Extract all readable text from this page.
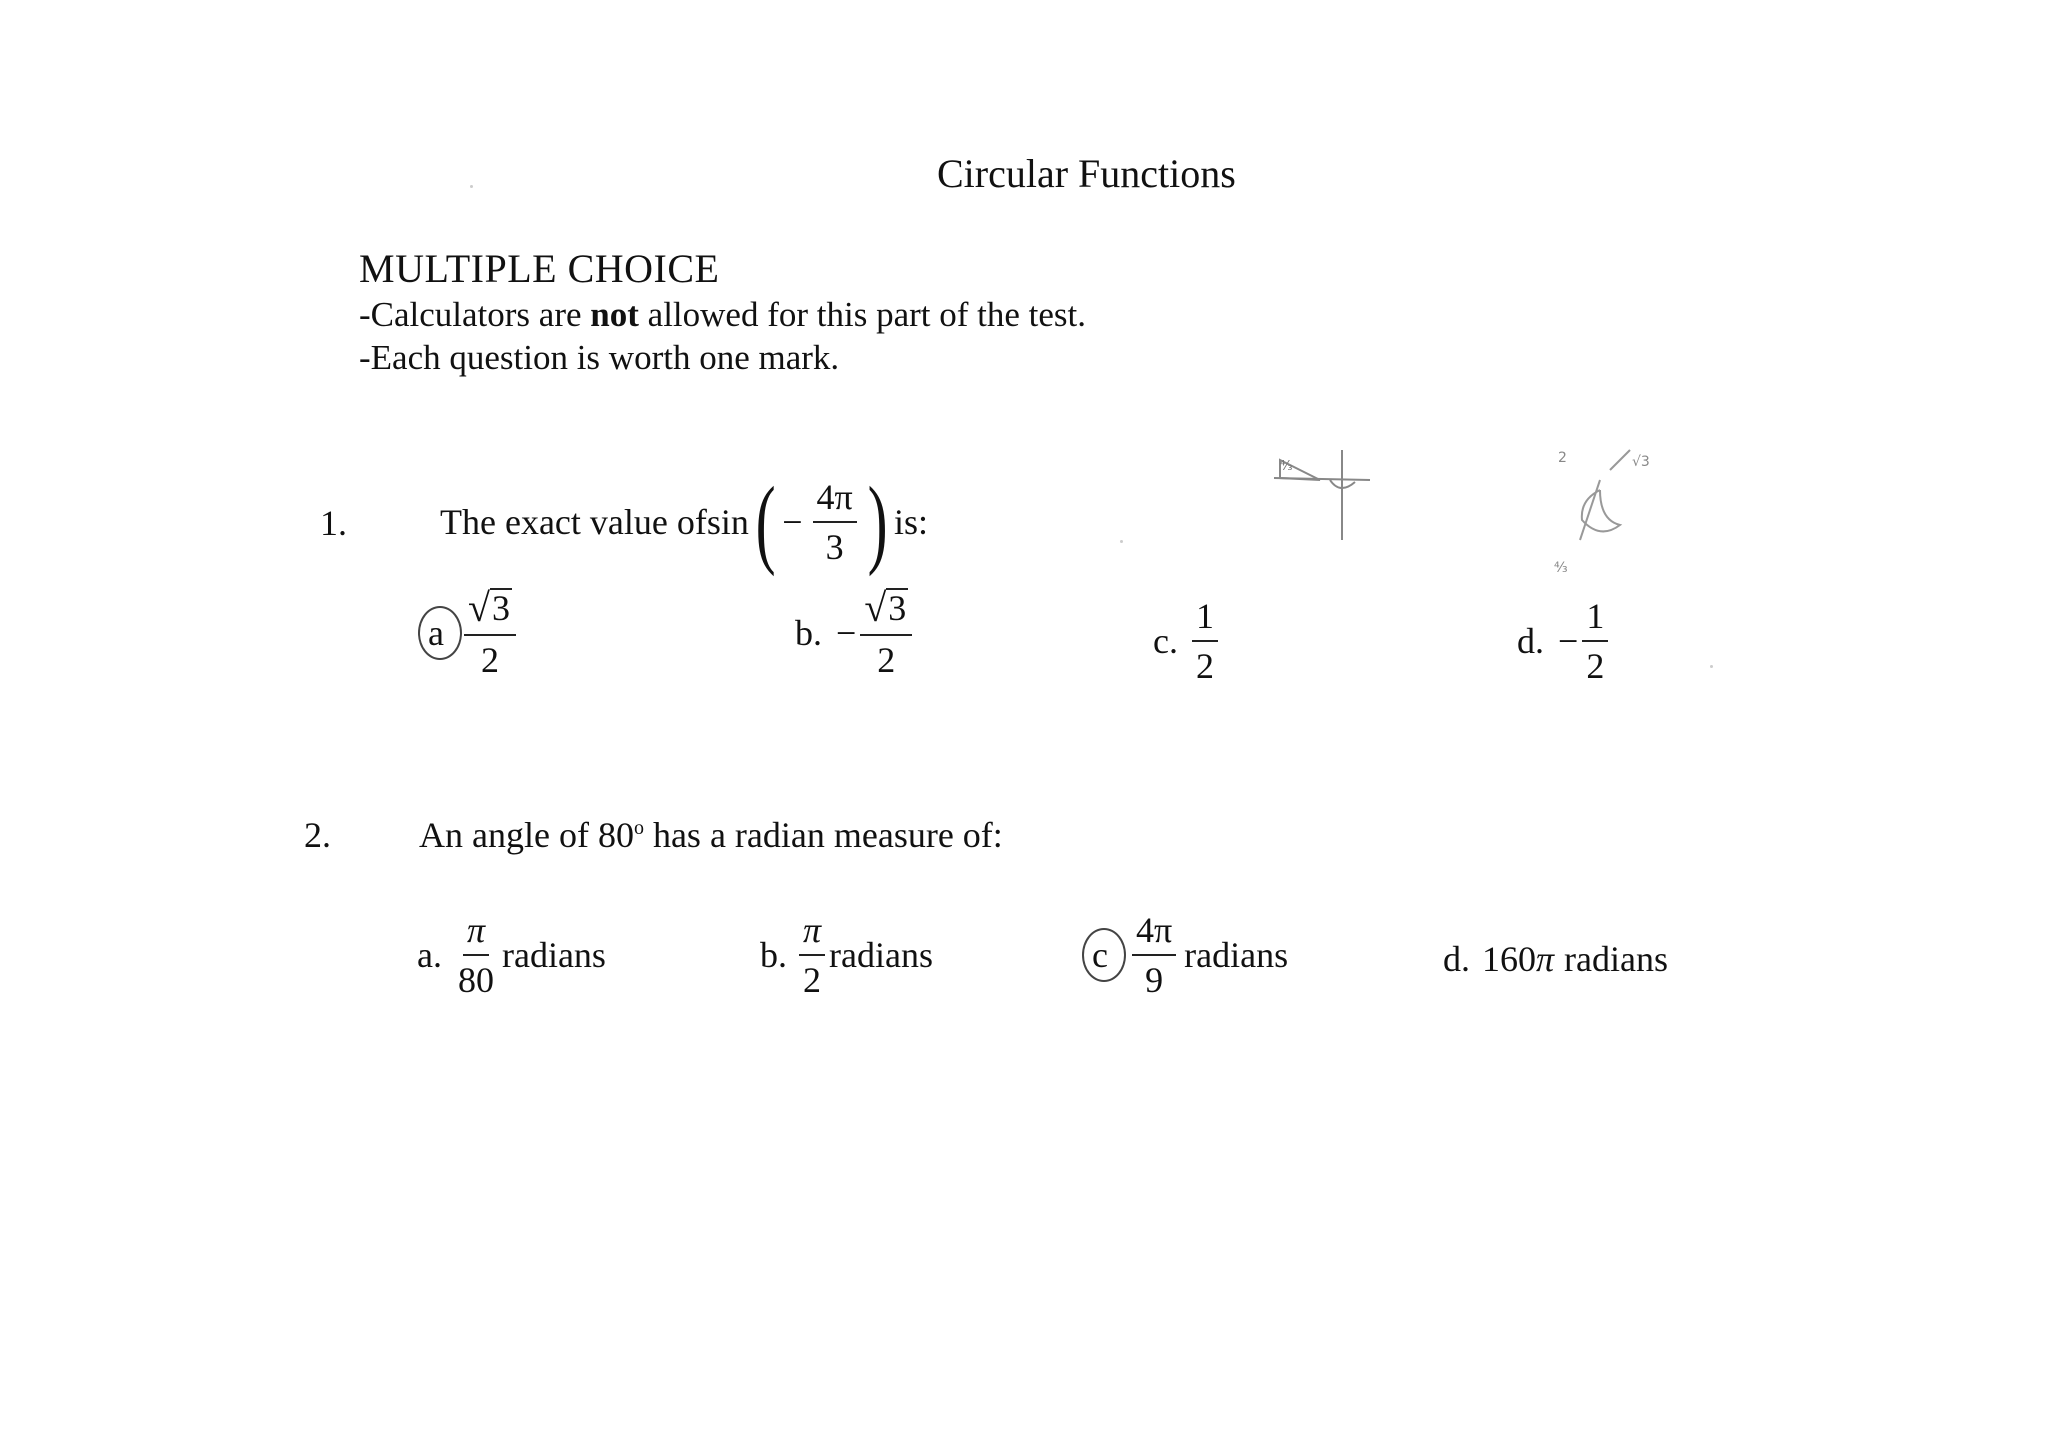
Circular Functions
MULTIPLE CHOICE
-Calculators are not allowed for this part of the test.
-Each question is worth one mark.
1.	The exact value of sin ( − $\frac{4\pi}{3}$ ) is:
a $\frac{√ 3}{2}$	b. − $\frac{√ 3}{2}$	c. $\frac{1}{2}$	d. − $\frac{1}{2}$
2. An angle of 80$^o$ has a radian measure of:
a. $\frac{\pi}{80}$ radians	b. $\frac{\pi}{2}$ radians	c $\frac{4\pi}{9}$ radians	d. 160 π radians
⁴⁄₃
2	√3
⁴⁄₃
